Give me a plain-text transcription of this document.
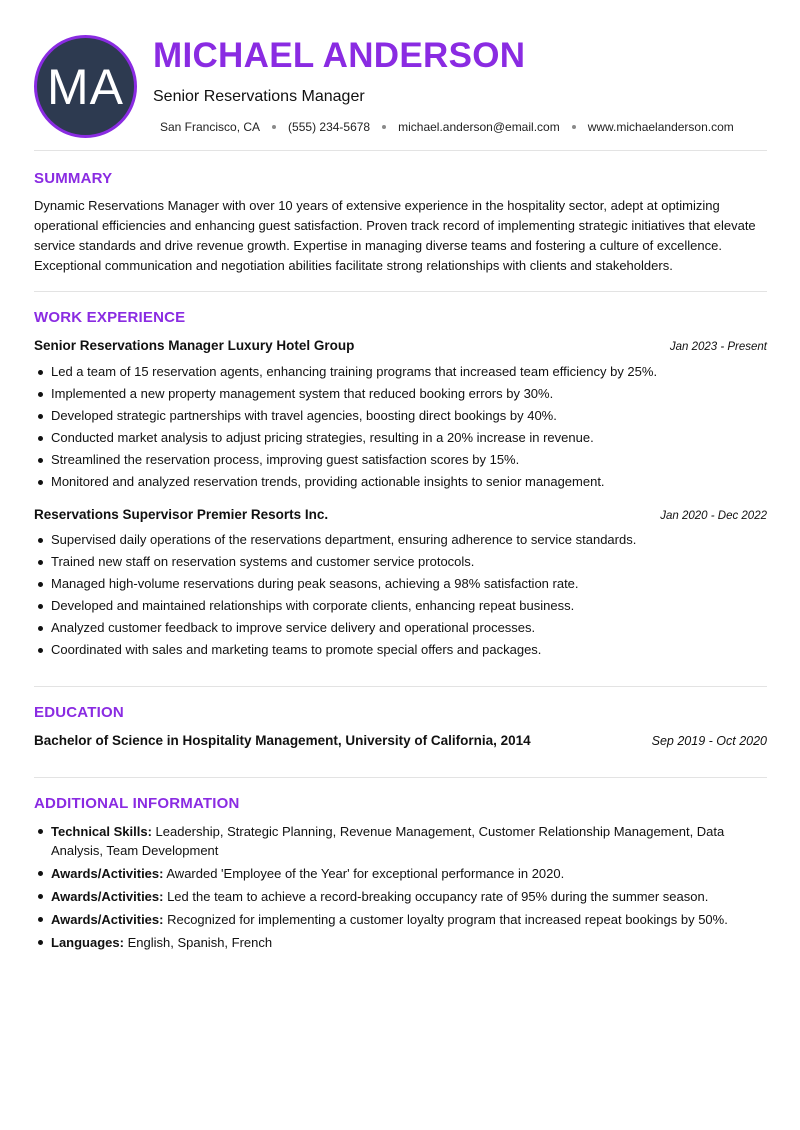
MA
MICHAEL ANDERSON
Senior Reservations Manager
San Francisco, CA (555) 234-5678 michael.anderson@email.com www.michaelanderson.com
SUMMARY

Dynamic Reservations Manager with over 10 years of extensive experience in the hospitality sector, adept at optimizing operational efficiencies and enhancing guest satisfaction. Proven track record of implementing strategic initiatives that elevate service standards and drive revenue growth. Expertise in managing diverse teams and fostering a culture of excellence. Exceptional communication and negotiation abilities facilitate strong relationships with clients and stakeholders.

WORK EXPERIENCE
Senior Reservations Manager Luxury Hotel Group	Jan 2023 - Present
Led a team of 15 reservation agents, enhancing training programs that increased team efficiency by 25%.
Implemented a new property management system that reduced booking errors by 30%.
Developed strategic partnerships with travel agencies, boosting direct bookings by 40%.
Conducted market analysis to adjust pricing strategies, resulting in a 20% increase in revenue.
Streamlined the reservation process, improving guest satisfaction scores by 15%.
Monitored and analyzed reservation trends, providing actionable insights to senior management.
Reservations Supervisor Premier Resorts Inc.	Jan 2020 - Dec 2022
Supervised daily operations of the reservations department, ensuring adherence to service standards.
Trained new staff on reservation systems and customer service protocols.
Managed high-volume reservations during peak seasons, achieving a 98% satisfaction rate.
Developed and maintained relationships with corporate clients, enhancing repeat business.
Analyzed customer feedback to improve service delivery and operational processes.
Coordinated with sales and marketing teams to promote special offers and packages.
EDUCATION
Bachelor of Science in Hospitality Management, University of California, 2014	Sep 2019 - Oct 2020
ADDITIONAL INFORMATION
Technical Skills: Leadership, Strategic Planning, Revenue Management, Customer Relationship Management, Data Analysis, Team Development
Awards/Activities: Awarded 'Employee of the Year' for exceptional performance in 2020.
Awards/Activities: Led the team to achieve a record-breaking occupancy rate of 95% during the summer season.
Awards/Activities: Recognized for implementing a customer loyalty program that increased repeat bookings by 50%.
Languages: English, Spanish, French
